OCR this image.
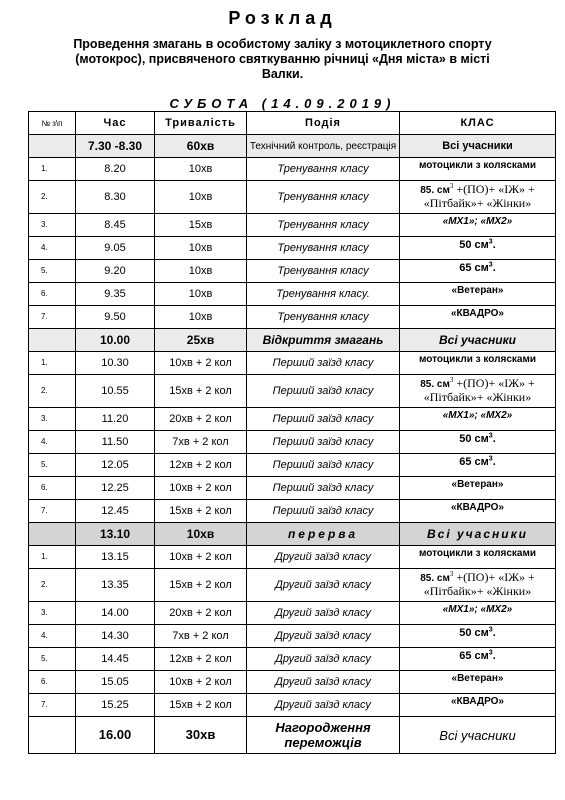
Розклад
Проведення змагань в особистому заліку з мотоциклетного спорту (мотокрос), присвяченого святкуванню річниці «Дня міста» в місті Валки.
СУБОТА (14.09.2019)
№ з\п	Час	Тривалість	Подія	КЛАС
	7.30 -8.30	60хв	Технічний контроль, реєстрація	Всі учасники
1.	8.20	10хв	Тренування класу	мотоцикли з колясками
2.	8.30	10хв	Тренування класу	85. $см^3 +(ПО)+$ «ІЖ» + «Пітбайк»+ «Жінки»
3.	8.45	15хв	Тренування класу	«MX1»; «MX2»
4.	9.05	10хв	Тренування класу	50 $см^3$.
5.	9.20	10хв	Тренування класу	65 $см^3$.
6.	9.35	10хв	Тренування класу.	«Ветеран»
7.	9.50	10хв	Тренування класу	«КВАДРО»
	10.00	25хв	Відкриття змагань	Всі учасники
1.	10.30	10хв + 2 кол	Перший заїзд класу	мотоцикли з колясками
2.	10.55	15хв + 2 кол	Перший заїзд класу	85. $см^3 +(ПО)+$ «ІЖ» + «Пітбайк»+ «Жінки»
3.	11.20	20хв + 2 кол	Перший заїзд класу	«MX1»; «MX2»
4.	11.50	7хв + 2 кол	Перший заїзд класу	50 $см^3$.
5.	12.05	12хв + 2 кол	Перший заїзд класу	65 $см^3$.
6.	12.25	10хв + 2 кол	Перший заїзд класу	«Ветеран»
7.	12.45	15хв + 2 кол	Перший заїзд класу	«КВАДРО»
	13.10	10хв	перерва	Всі учасники
1.	13.15	10хв + 2 кол	Другий заїзд класу	мотоцикли з колясками
2.	13.35	15хв + 2 кол	Другий заїзд класу	85. $см^3 +(ПО)+$ «ІЖ» + «Пітбайк»+ «Жінки»
3.	14.00	20хв + 2 кол	Другий заїзд класу	«MX1»; «MX2»
4.	14.30	7хв + 2 кол	Другий заїзд класу	50 $см^3$.
5.	14.45	12хв + 2 кол	Другий заїзд класу	65 $см^3$.
6.	15.05	10хв + 2 кол	Другий заїзд класу	«Ветеран»
7.	15.25	15хв + 2 кол	Другий заїзд класу	«КВАДРО»
	16.00	30хв	Нагородження переможців	Всі учасники
